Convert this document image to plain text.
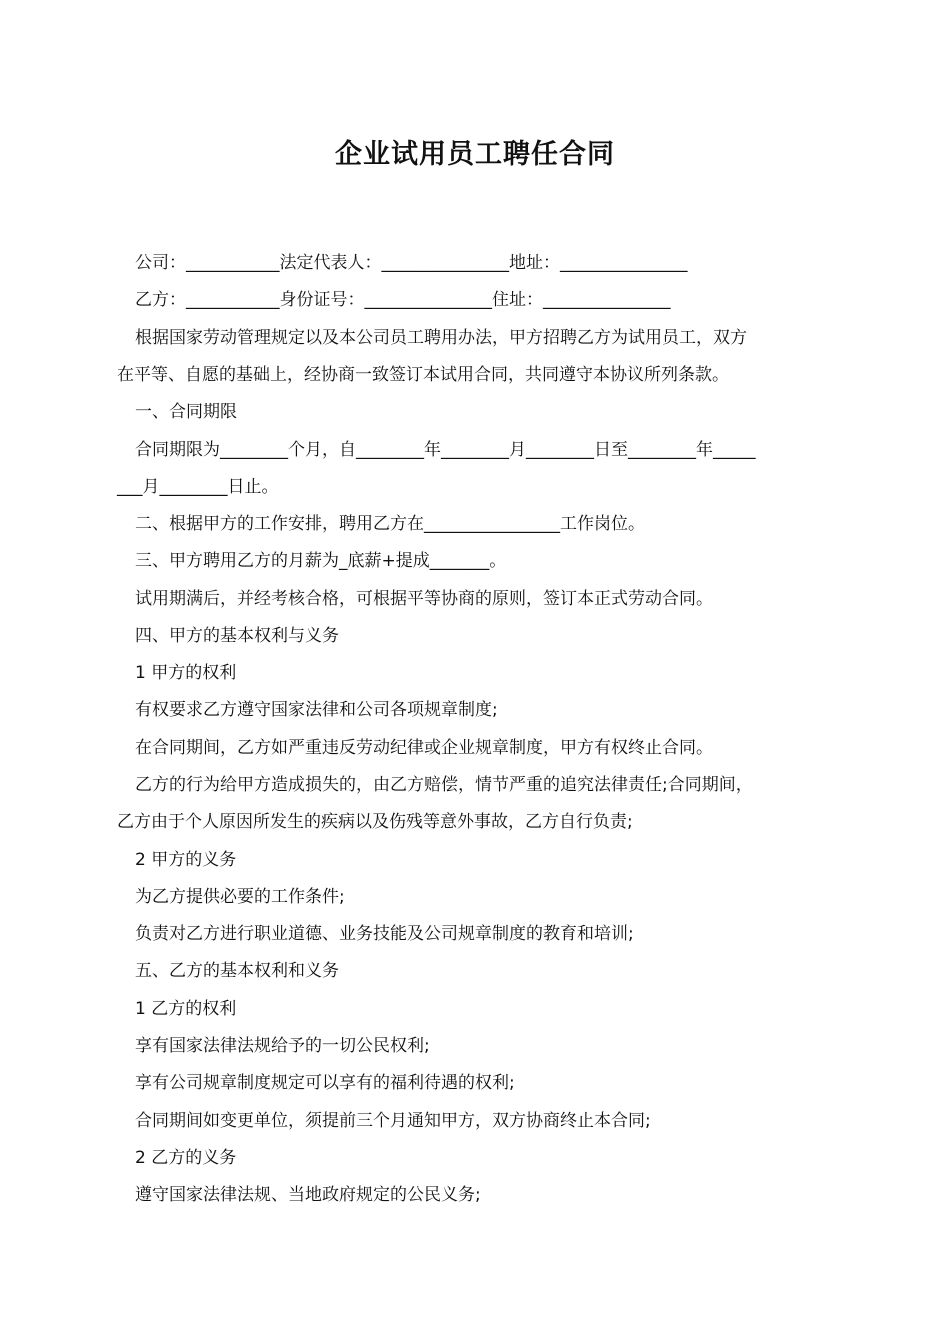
企业试用员工聘任合同
公司：___________法定代表人：_______________地址：_______________
乙方：___________身份证号：_______________住址：_______________
根据国家劳动管理规定以及本公司员工聘用办法，甲方招聘乙方为试用员工，双方
在平等、自愿的基础上，经协商一致签订本试用合同，共同遵守本协议所列条款。
一、合同期限
合同期限为________个月，自________年________月________日至________年_____
___月________日止。
二、根据甲方的工作安排，聘用乙方在________________工作岗位。
三、甲方聘用乙方的月薪为_底薪+提成_______。
试用期满后，并经考核合格，可根据平等协商的原则，签订本正式劳动合同。
四、甲方的基本权利与义务
1 甲方的权利
有权要求乙方遵守国家法律和公司各项规章制度;
在合同期间，乙方如严重违反劳动纪律或企业规章制度，甲方有权终止合同。
乙方的行为给甲方造成损失的，由乙方赔偿，情节严重的追究法律责任;合同期间，
乙方由于个人原因所发生的疾病以及伤残等意外事故，乙方自行负责;
2 甲方的义务
为乙方提供必要的工作条件;
负责对乙方进行职业道德、业务技能及公司规章制度的教育和培训;
五、乙方的基本权利和义务
1 乙方的权利
享有国家法律法规给予的一切公民权利;
享有公司规章制度规定可以享有的福利待遇的权利;
合同期间如变更单位，须提前三个月通知甲方，双方协商终止本合同;
2 乙方的义务
遵守国家法律法规、当地政府规定的公民义务;
